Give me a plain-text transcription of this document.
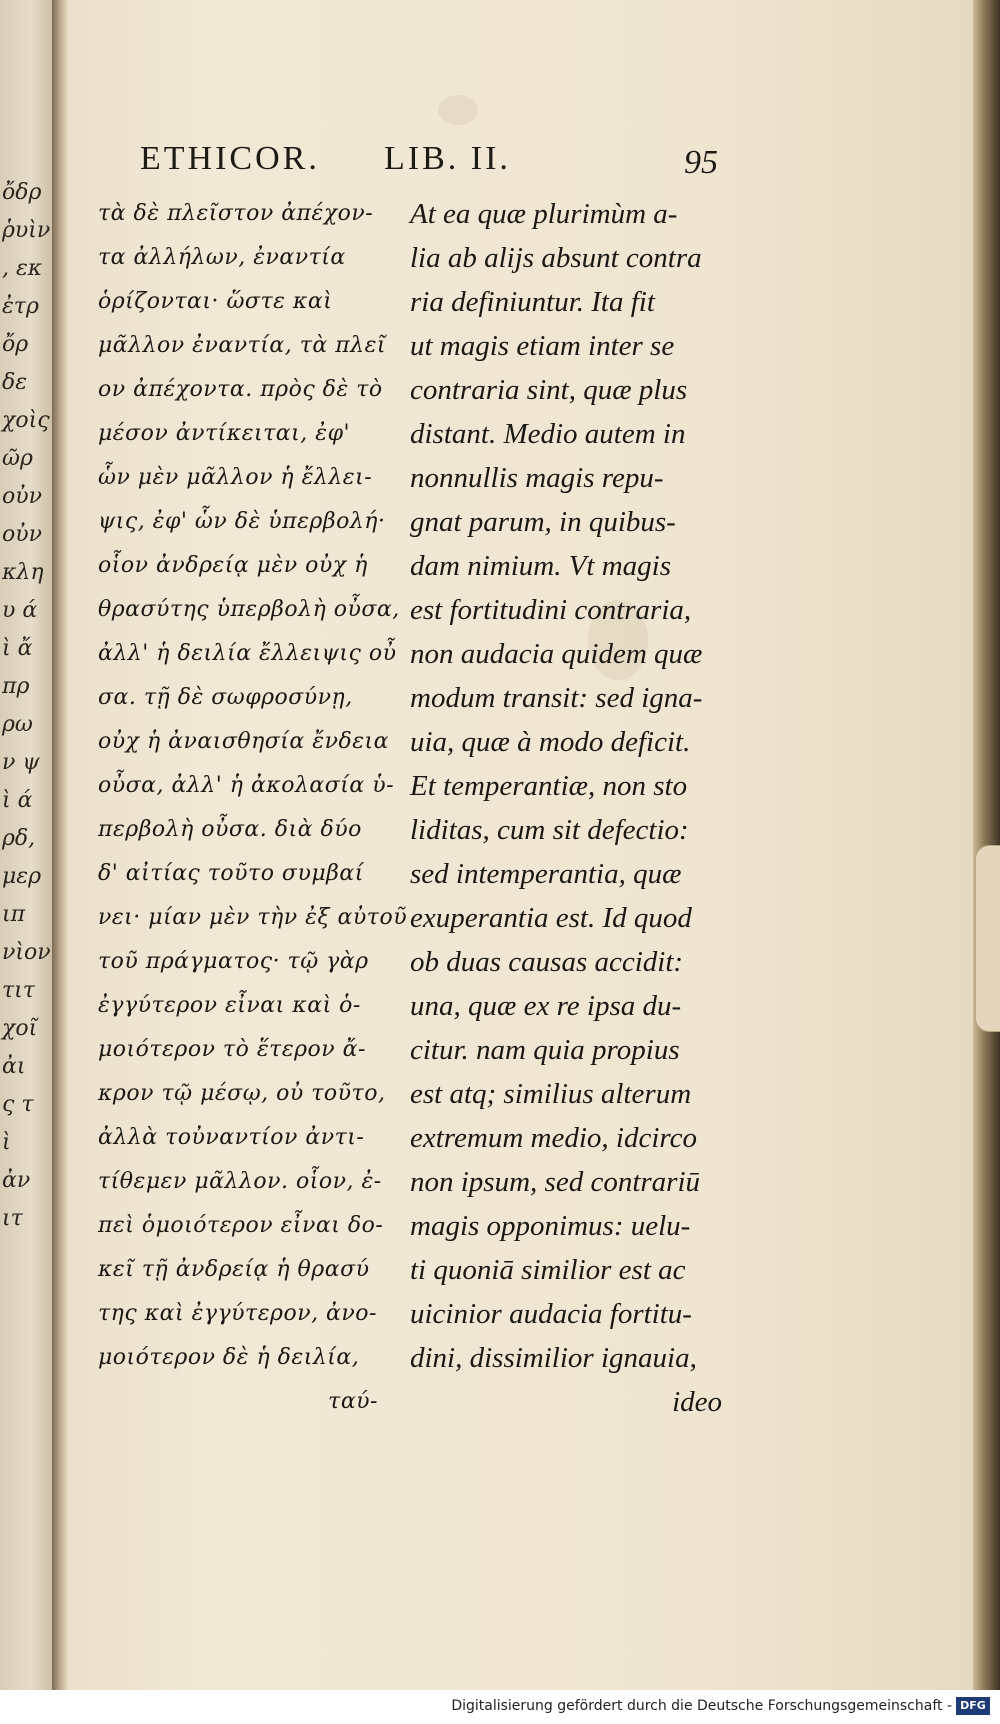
ὄδρ
ῥυὶν
, εκ
ἐτρ
ὄρ
δε
χοὶς
ῶρ
οὐν
οὐν
κλη
υ ά
ὶ ἄ
πρ
ρω
ν ψ
ὶ ά
ρδ,
μερ
ιπ
νὶον
τιτ
χοῖ
ἀι
ς τ
ὶ
ἀν
ιτ
ETHICOR. LIB. II.	95
τὰ δὲ πλεῖστον ἀπέχον-
τα ἀλλήλων, ἐναντία
ὁρίζονται· ὥστε καὶ
μᾶλλον ἐναντία, τὰ πλεῖ
ον ἀπέχοντα. πρὸς δὲ τὸ
μέσον ἀντίκειται, ἐφ'
ὧν μὲν μᾶλλον ἡ ἔλλει-
ψις, ἐφ' ὧν δὲ ὑπερβολή·
οἷον ἀνδρείᾳ μὲν οὐχ ἡ
θρασύτης ὑπερβολὴ οὖσα,
ἀλλ' ἡ δειλία ἔλλειψις οὖ
σα. τῇ δὲ σωφροσύνῃ,
οὐχ ἡ ἀναισθησία ἔνδεια
οὖσα, ἀλλ' ἡ ἀκολασία ὑ-
περβολὴ οὖσα. διὰ δύο
δ' αἰτίας τοῦτο συμβαί
νει· μίαν μὲν τὴν ἐξ αὐτοῦ
τοῦ πράγματος· τῷ γὰρ
ἐγγύτερον εἶναι καὶ ὁ-
μοιότερον τὸ ἕτερον ἄ-
κρον τῷ μέσῳ, οὐ τοῦτο,
ἀλλὰ τοὐναντίον ἀντι-
τίθεμεν μᾶλλον. οἷον, ἐ-
πεὶ ὁμοιότερον εἶναι δο-
κεῖ τῇ ἀνδρείᾳ ἡ θρασύ
της καὶ ἐγγύτερον, ἀνο-
μοιότερον δὲ ἡ δειλία,
ταύ-
At ea quæ plurimùm a-
lia ab alijs absunt contra
ria definiuntur. Ita fit
ut magis etiam inter se
contraria sint, quæ plus
distant. Medio autem in
nonnullis magis repu-
gnat parum, in quibus-
dam nimium. Vt magis
est fortitudini contraria,
non audacia quidem quæ
modum transit: sed igna-
uia, quæ à modo deficit.
Et temperantiæ, non sto
liditas, cum sit defectio:
sed intemperantia, quæ
exuperantia est. Id quod
ob duas causas accidit:
una, quæ ex re ipsa du-
citur. nam quia propius
est atq; similius alterum
extremum medio, idcirco
non ipsum, sed contrariū
magis opponimus: uelu-
ti quoniā similior est ac
uicinior audacia fortitu-
dini, dissimilior ignauia,
ideo
Digitalisierung gefördert durch die Deutsche Forschungsgemeinschaft - DFG
